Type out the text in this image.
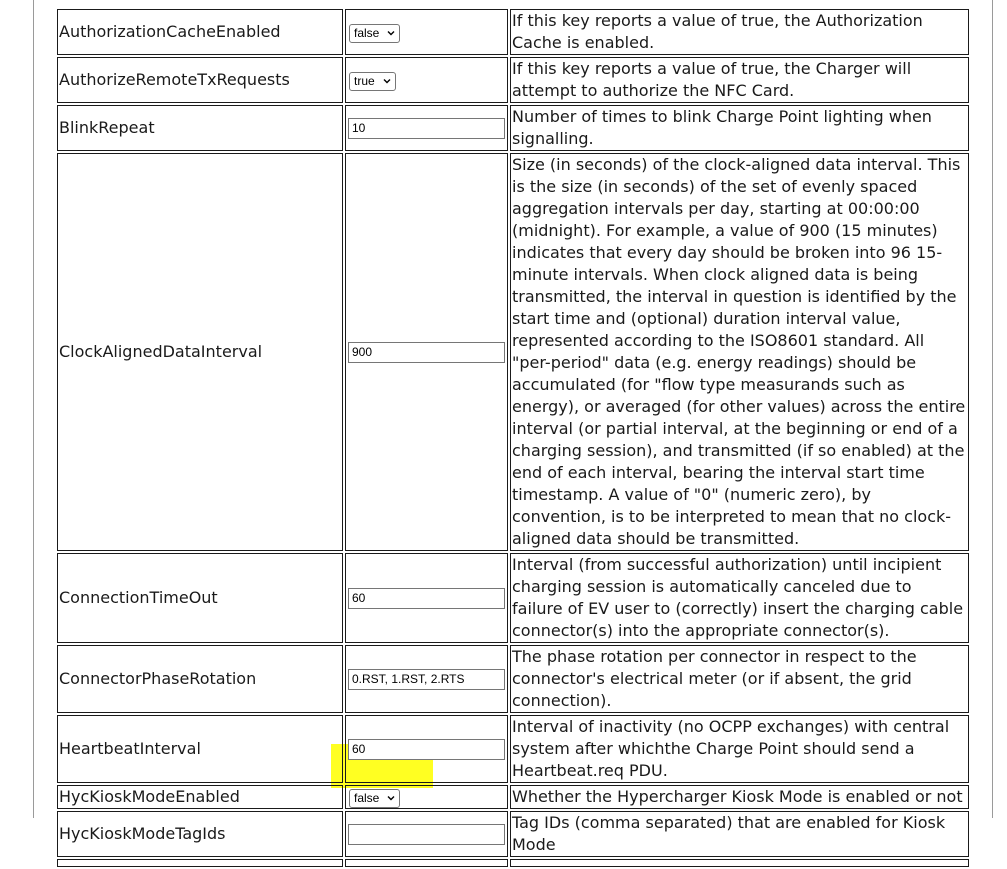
AuthorizationCacheEnabled	false	If this key reports a value of true, the Authorization Cache is enabled.
AuthorizeRemoteTxRequests	true	If this key reports a value of true, the Charger will attempt to authorize the NFC Card.
BlinkRepeat	10	Number of times to blink Charge Point lighting when signalling.
ClockAlignedDataInterval	900	Size (in seconds) of the clock-aligned data interval. This is the size (in seconds) of the set of evenly spaced aggregation intervals per day, starting at 00:00:00 (midnight). For example, a value of 900 (15 minutes) indicates that every day should be broken into 96 15-minute intervals. When clock aligned data is being transmitted, the interval in question is identified by the start time and (optional) duration interval value, represented according to the ISO8601 standard. All "per-period" data (e.g. energy readings) should be accumulated (for "flow type measurands such as energy), or averaged (for other values) across the entire interval (or partial interval, at the beginning or end of a charging session), and transmitted (if so enabled) at the end of each interval, bearing the interval start time timestamp. A value of "0" (numeric zero), by convention, is to be interpreted to mean that no clock-aligned data should be transmitted.
ConnectionTimeOut	60	Interval (from successful authorization) until incipient charging session is automatically canceled due to failure of EV user to (correctly) insert the charging cable connector(s) into the appropriate connector(s).
ConnectorPhaseRotation	0.RST, 1.RST, 2.RTS	The phase rotation per connector in respect to the connector's electrical meter (or if absent, the grid connection).
HeartbeatInterval	60	Interval of inactivity (no OCPP exchanges) with central system after whichthe Charge Point should send a Heartbeat.req PDU.
HycKioskModeEnabled	false	Whether the Hypercharger Kiosk Mode is enabled or not
HycKioskModeTagIds		Tag IDs (comma separated) that are enabled for Kiosk Mode
